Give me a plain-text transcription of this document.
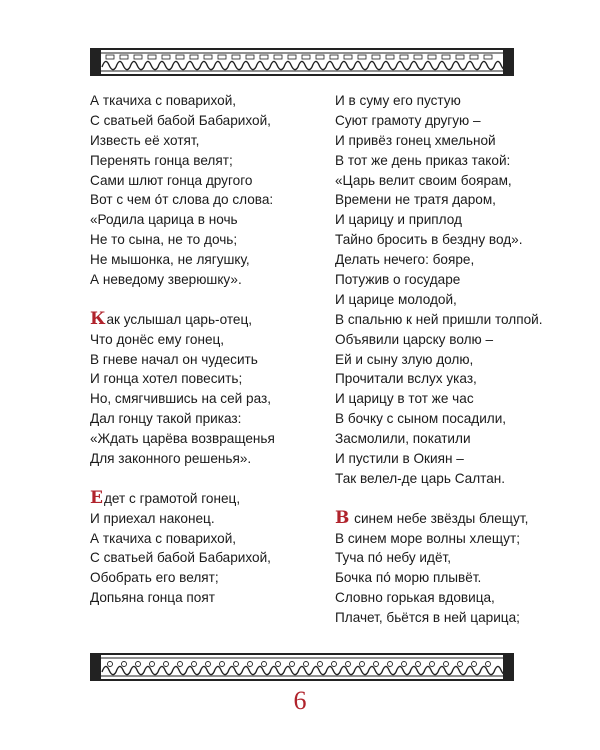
А ткачиха с поварихой,
С сватьей бабой Бабарихой,
Известь её хотят,
Перенять гонца велят;
Сами шлют гонца другого
Вот с чем о́т слова до слова:
«Родила царица в ночь
Не то сына, не то дочь;
Не мышонка, не лягушку,
А неведому зверюшку».
Как услышал царь-отец,
Что донёс ему гонец,
В гневе начал он чудесить
И гонца хотел повесить;
Но, смягчившись на сей раз,
Дал гонцу такой приказ:
«Ждать царёва возвращенья
Для законного решенья».
Едет с грамотой гонец,
И приехал наконец.
А ткачиха с поварихой,
С сватьей бабой Бабарихой,
Обобрать его велят;
Допьяна гонца поят
И в суму его пустую
Суют грамоту другую –
И привёз гонец хмельной
В тот же день приказ такой:
«Царь велит своим боярам,
Времени не тратя даром,
И царицу и приплод
Тайно бросить в бездну вод».
Делать нечего: бояре,
Потужив о государе
И царице молодой,
В спальню к ней пришли толпой.
Объявили царску волю –
Ей и сыну злую долю,
Прочитали вслух указ,
И царицу в тот же час
В бочку с сыном посадили,
Засмолили, покатили
И пустили в Окиян –
Так велел-де царь Салтан.
В синем небе звёзды блещут,
В синем море волны хлещут;
Туча по́ небу идёт,
Бочка по́ морю плывёт.
Словно горькая вдовица,
Плачет, бьётся в ней царица;
6
